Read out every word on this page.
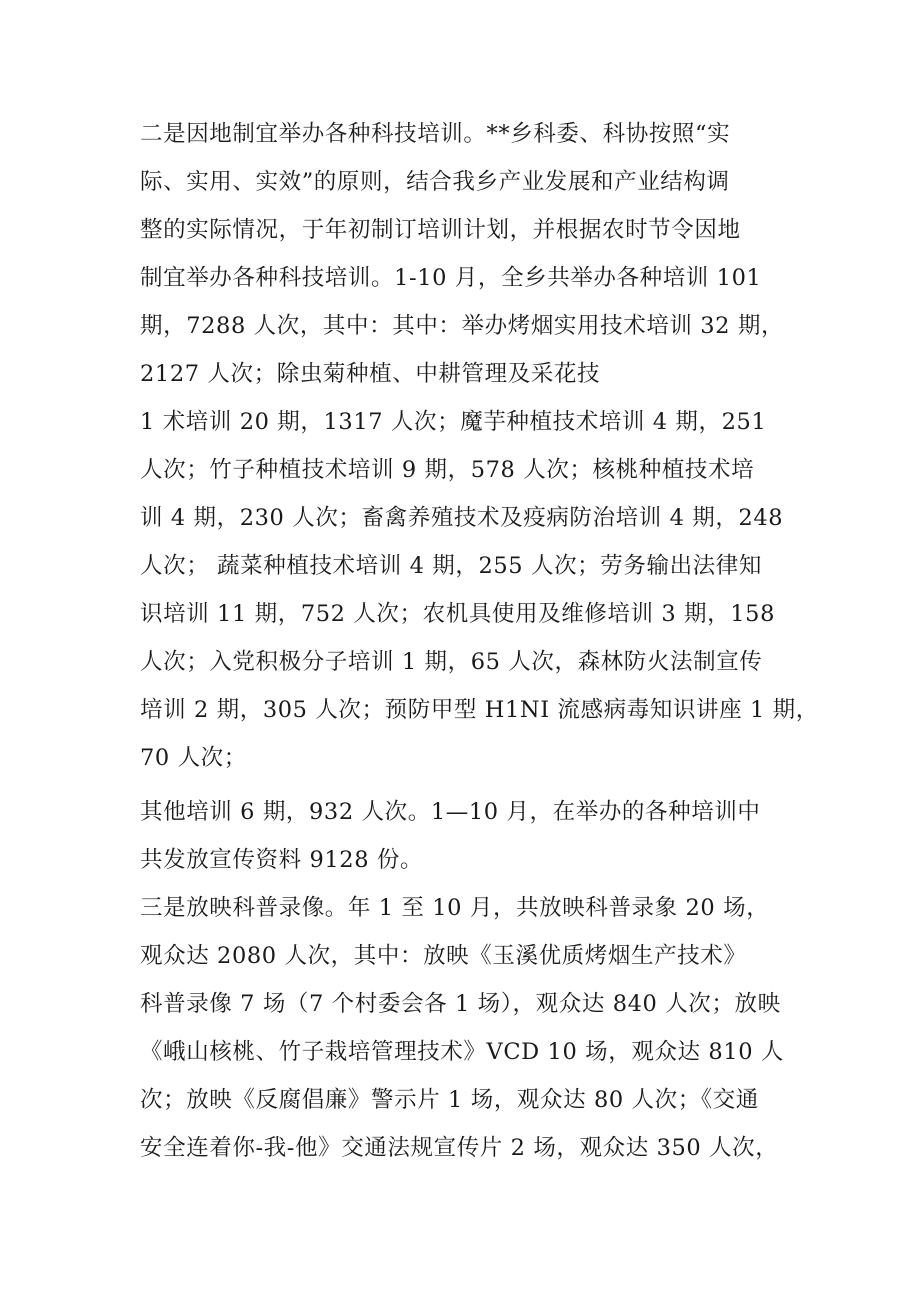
二是因地制宜举办各种科技培训。**乡科委、科协按照“实
际、实用、实效”的原则，结合我乡产业发展和产业结构调
整的实际情况，于年初制订培训计划，并根据农时节令因地
制宜举办各种科技培训。1-10 月，全乡共举办各种培训 101
期，7288 人次，其中：其中：举办烤烟实用技术培训 32 期，
2127 人次；除虫菊种植、中耕管理及采花技
1 术培训 20 期，1317 人次；魔芋种植技术培训 4 期，251
人次；竹子种植技术培训 9 期，578 人次；核桃种植技术培
训 4 期，230 人次；畜禽养殖技术及疫病防治培训 4 期，248
人次； 蔬菜种植技术培训 4 期，255 人次；劳务输出法律知
识培训 11 期，752 人次；农机具使用及维修培训 3 期，158
人次；入党积极分子培训 1 期，65 人次，森林防火法制宣传
培训 2 期，305 人次；预防甲型 H1NI 流感病毒知识讲座 1 期，
70 人次；
其他培训 6 期，932 人次。1—10 月，在举办的各种培训中
共发放宣传资料 9128 份。
三是放映科普录像。年 1 至 10 月，共放映科普录象 20 场，
观众达 2080 人次，其中：放映《玉溪优质烤烟生产技术》
科普录像 7 场（7 个村委会各 1 场），观众达 840 人次；放映
《峨山核桃、竹子栽培管理技术》VCD 10 场，观众达 810 人
次；放映《反腐倡廉》警示片 1 场，观众达 80 人次；《交通
安全连着你-我-他》交通法规宣传片 2 场，观众达 350 人次，
